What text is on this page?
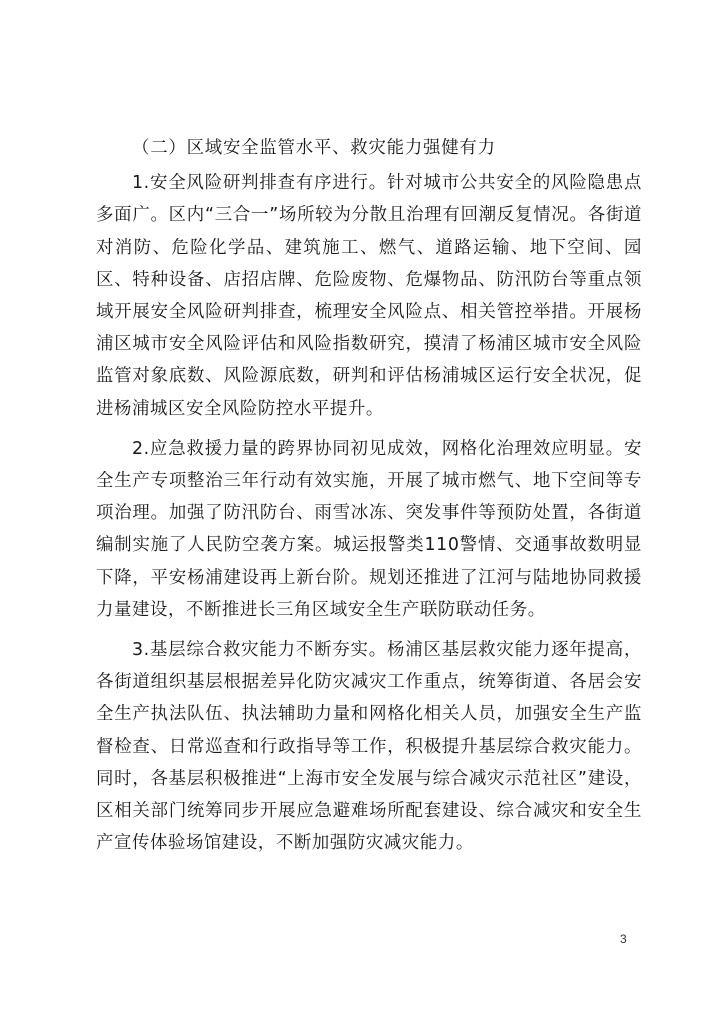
（二）区域安全监管水平、救灾能力强健有力

1.安全风险研判排查有序进行。针对城市公共安全的风险隐患点多面广。区内“三合一”场所较为分散且治理有回潮反复情况。各街道对消防、危险化学品、建筑施工、燃气、道路运输、地下空间、园区、特种设备、店招店牌、危险废物、危爆物品、防汛防台等重点领域开展安全风险研判排查，梳理安全风险点、相关管控举措。开展杨浦区城市安全风险评估和风险指数研究，摸清了杨浦区城市安全风险监管对象底数、风险源底数，研判和评估杨浦城区运行安全状况，促进杨浦城区安全风险防控水平提升。

2.应急救援力量的跨界协同初见成效，网格化治理效应明显。安全生产专项整治三年行动有效实施，开展了城市燃气、地下空间等专项治理。加强了防汛防台、雨雪冰冻、突发事件等预防处置，各街道编制实施了人民防空袭方案。城运报警类110警情、交通事故数明显下降，平安杨浦建设再上新台阶。规划还推进了江河与陆地协同救援力量建设，不断推进长三角区域安全生产联防联动任务。

3.基层综合救灾能力不断夯实。杨浦区基层救灾能力逐年提高，各街道组织基层根据差异化防灾减灾工作重点，统筹街道、各居会安全生产执法队伍、执法辅助力量和网格化相关人员，加强安全生产监督检查、日常巡查和行政指导等工作，积极提升基层综合救灾能力。同时，各基层积极推进“上海市安全发展与综合减灾示范社区”建设，区相关部门统筹同步开展应急避难场所配套建设、综合减灾和安全生产宣传体验场馆建设，不断加强防灾减灾能力。

3
